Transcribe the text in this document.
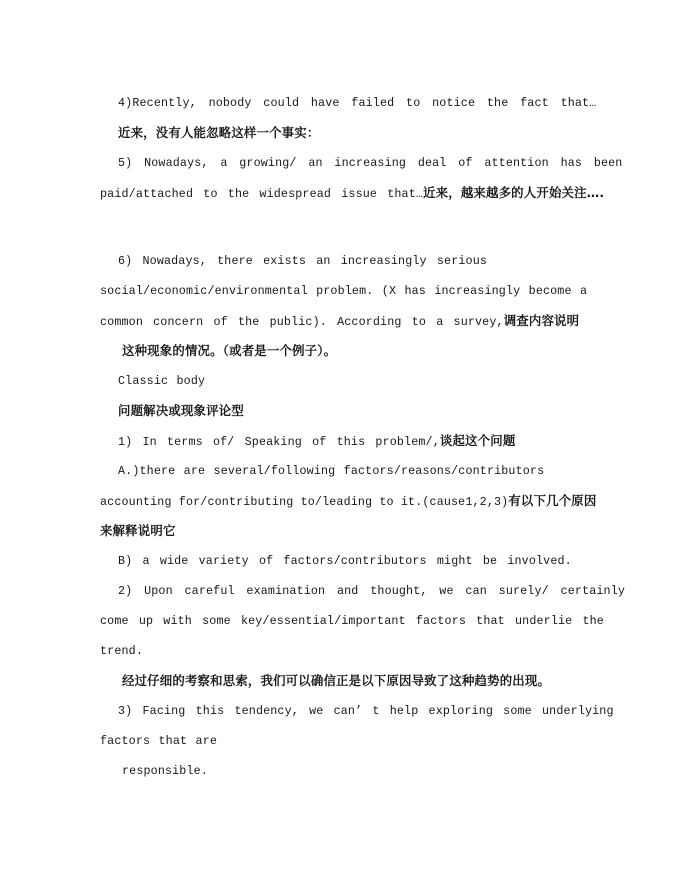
4)Recently, nobody could have failed to notice the fact that…
近来，没有人能忽略这样一个事实：
5) Nowadays, a growing/ an increasing deal of attention has been
paid/attached to the widespread issue that…近来，越来越多的人开始关注….
6) Nowadays, there exists an increasingly serious
social/economic/environmental problem. (X has increasingly become a
common concern of the public). According to a survey,调查内容说明
这种现象的情况。（或者是一个例子）。
Classic body
问题解决或现象评论型
1) In terms of/ Speaking of this problem/,谈起这个问题
A.)there are several/following factors/reasons/contributors
accounting for/contributing to/leading to it.(cause1,2,3)有以下几个原因
来解释说明它
B) a wide variety of factors/contributors might be involved.
2) Upon careful examination and thought, we can surely/ certainly
come up with some key/essential/important factors that underlie the
trend.
经过仔细的考察和思索，我们可以确信正是以下原因导致了这种趋势的出现。
3) Facing this tendency, we can’ t help exploring some underlying
factors that are
responsible.
